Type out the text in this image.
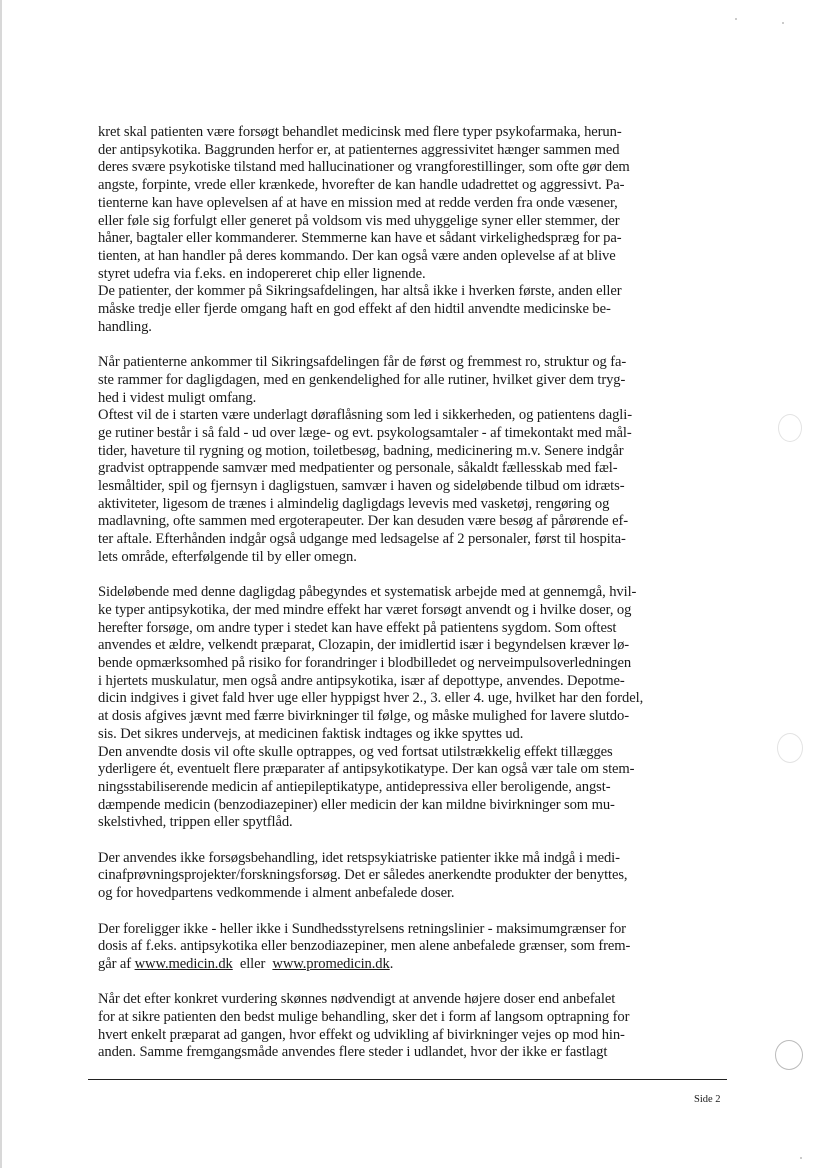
kret skal patienten være forsøgt behandlet medicinsk med flere typer psykofarmaka, herun-
der antipsykotika. Baggrunden herfor er, at patienternes aggressivitet hænger sammen med
deres svære psykotiske tilstand med hallucinationer og vrangforestillinger, som ofte gør dem
angste, forpinte, vrede eller krænkede, hvorefter de kan handle udadrettet og aggressivt. Pa-
tienterne kan have oplevelsen af at have en mission med at redde verden fra onde væsener,
eller føle sig forfulgt eller generet på voldsom vis med uhyggelige syner eller stemmer, der
håner, bagtaler eller kommanderer. Stemmerne kan have et sådant virkelighedspræg for pa-
tienten, at han handler på deres kommando. Der kan også være anden oplevelse af at blive
styret udefra via f.eks. en indopereret chip eller lignende.
De patienter, der kommer på Sikringsafdelingen, har altså ikke i hverken første, anden eller
måske tredje eller fjerde omgang haft en god effekt af den hidtil anvendte medicinske be-
handling.
Når patienterne ankommer til Sikringsafdelingen får de først og fremmest ro, struktur og fa-
ste rammer for dagligdagen, med en genkendelighed for alle rutiner, hvilket giver dem tryg-
hed i videst muligt omfang.
Oftest vil de i starten være underlagt døraflåsning som led i sikkerheden, og patientens dagli-
ge rutiner består i så fald - ud over læge- og evt. psykologsamtaler - af timekontakt med mål-
tider, haveture til rygning og motion, toiletbesøg, badning, medicinering m.v. Senere indgår
gradvist optrappende samvær med medpatienter og personale, såkaldt fællesskab med fæl-
lesmåltider, spil og fjernsyn i dagligstuen, samvær i haven og sideløbende tilbud om idræts-
aktiviteter, ligesom de trænes i almindelig dagligdags levevis med vasketøj, rengøring og
madlavning, ofte sammen med ergoterapeuter. Der kan desuden være besøg af pårørende ef-
ter aftale. Efterhånden indgår også udgange med ledsagelse af 2 personaler, først til hospita-
lets område, efterfølgende til by eller omegn.
Sideløbende med denne dagligdag påbegyndes et systematisk arbejde med at gennemgå, hvil-
ke typer antipsykotika, der med mindre effekt har været forsøgt anvendt og i hvilke doser, og
herefter forsøge, om andre typer i stedet kan have effekt på patientens sygdom. Som oftest
anvendes et ældre, velkendt præparat, Clozapin, der imidlertid især i begyndelsen kræver lø-
bende opmærksomhed på risiko for forandringer i blodbilledet og nerveimpulsoverledningen
i hjertets muskulatur, men også andre antipsykotika, især af depottype, anvendes. Depotme-
dicin indgives i givet fald hver uge eller hyppigst hver 2., 3. eller 4. uge, hvilket har den fordel,
at dosis afgives jævnt med færre bivirkninger til følge, og måske mulighed for lavere slutdo-
sis. Det sikres undervejs, at medicinen faktisk indtages og ikke spyttes ud.
Den anvendte dosis vil ofte skulle optrappes, og ved fortsat utilstrækkelig effekt tillægges
yderligere ét, eventuelt flere præparater af antipsykotikatype. Der kan også vær tale om stem-
ningsstabiliserende medicin af antiepileptikatype, antidepressiva eller beroligende, angst-
dæmpende medicin (benzodiazepiner) eller medicin der kan mildne bivirkninger som mu-
skelstivhed, trippen eller spytflåd.
Der anvendes ikke forsøgsbehandling, idet retspsykiatriske patienter ikke må indgå i medi-
cinafprøvningsprojekter/forskningsforsøg. Det er således anerkendte produkter der benyttes,
og for hovedpartens vedkommende i alment anbefalede doser.
Der foreligger ikke - heller ikke i Sundhedsstyrelsens retningslinier - maksimumgrænser for
dosis af f.eks. antipsykotika eller benzodiazepiner, men alene anbefalede grænser, som frem-
går af www.medicin.dk  eller  www.promedicin.dk.
Når det efter konkret vurdering skønnes nødvendigt at anvende højere doser end anbefalet
for at sikre patienten den bedst mulige behandling, sker det i form af langsom optrapning for
hvert enkelt præparat ad gangen, hvor effekt og udvikling af bivirkninger vejes op mod hin-
anden. Samme fremgangsmåde anvendes flere steder i udlandet, hvor der ikke er fastlagt
Side 2
